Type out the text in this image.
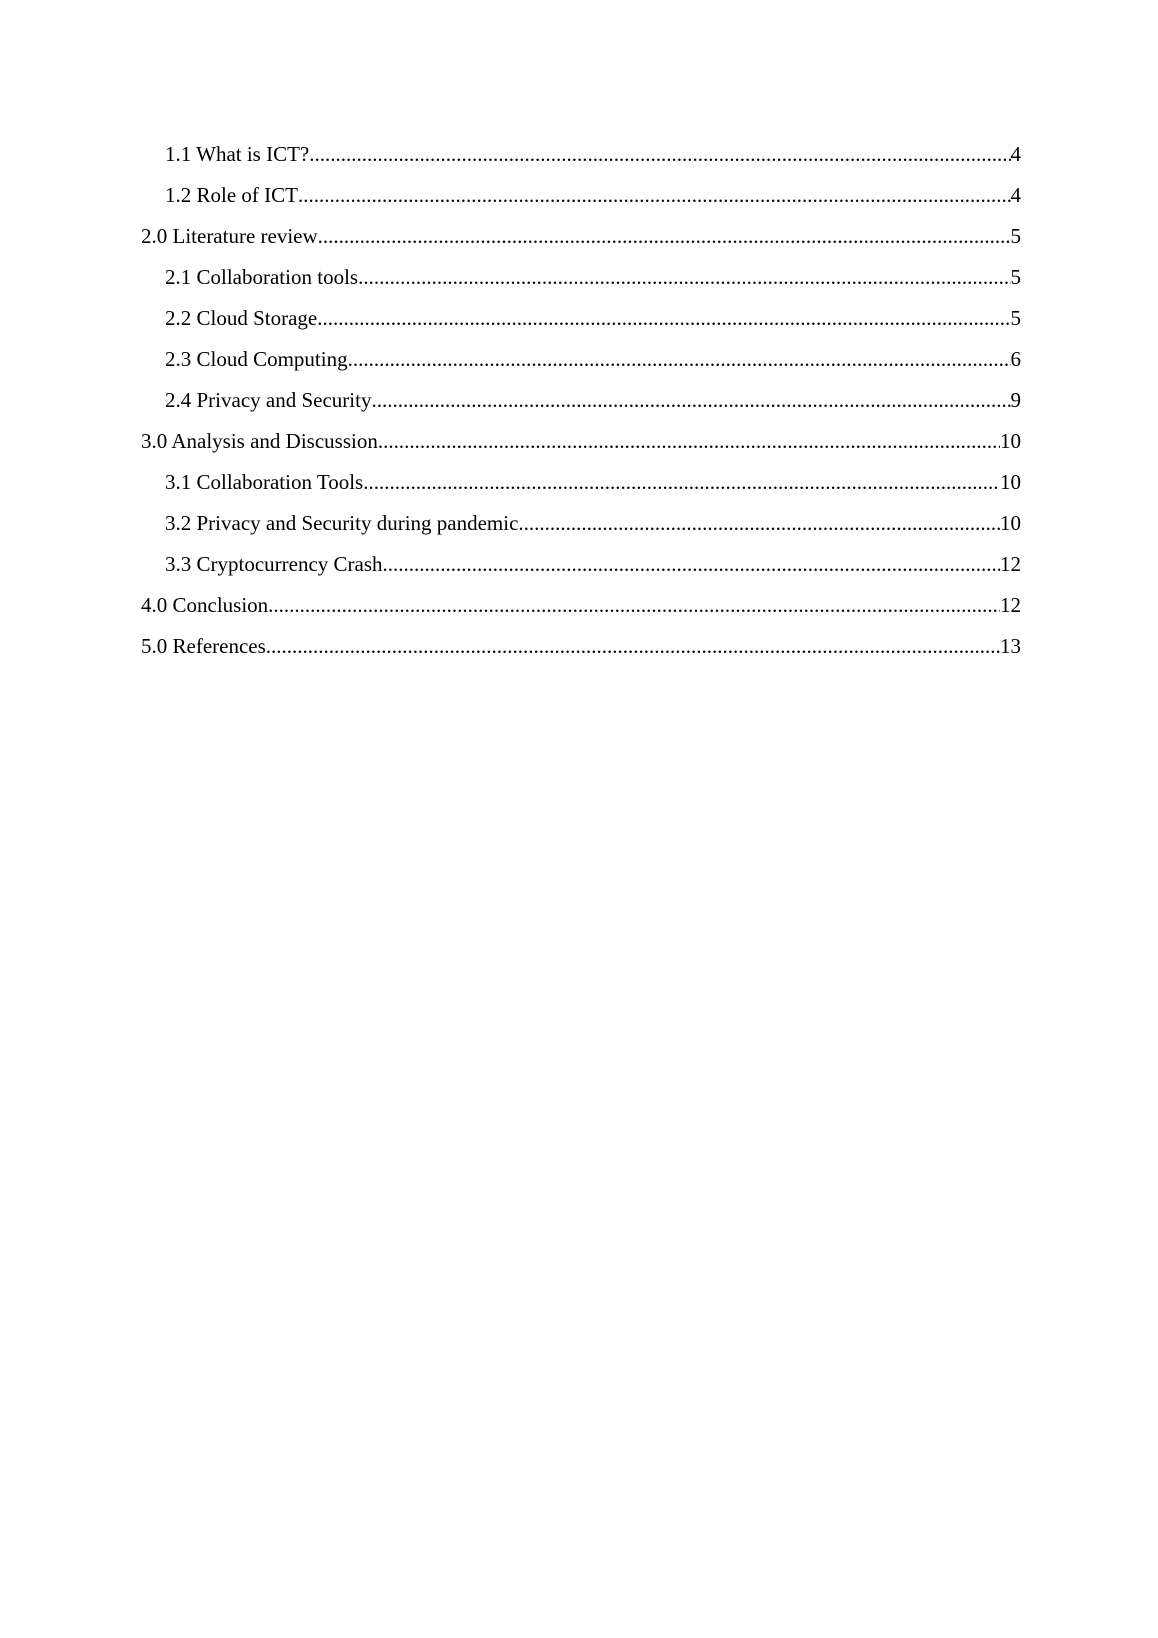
1.1 What is ICT? .....	4
1.2 Role of ICT .....	4
2.0 Literature review .....	5
2.1 Collaboration tools .....	5
2.2 Cloud Storage .....	5
2.3 Cloud Computing .....	6
2.4 Privacy and Security .....	9
3.0 Analysis and Discussion .....	10
3.1 Collaboration Tools .....	10
3.2 Privacy and Security during pandemic .....	10
3.3 Cryptocurrency Crash .....	12
4.0 Conclusion .....	12
5.0 References .....	13
